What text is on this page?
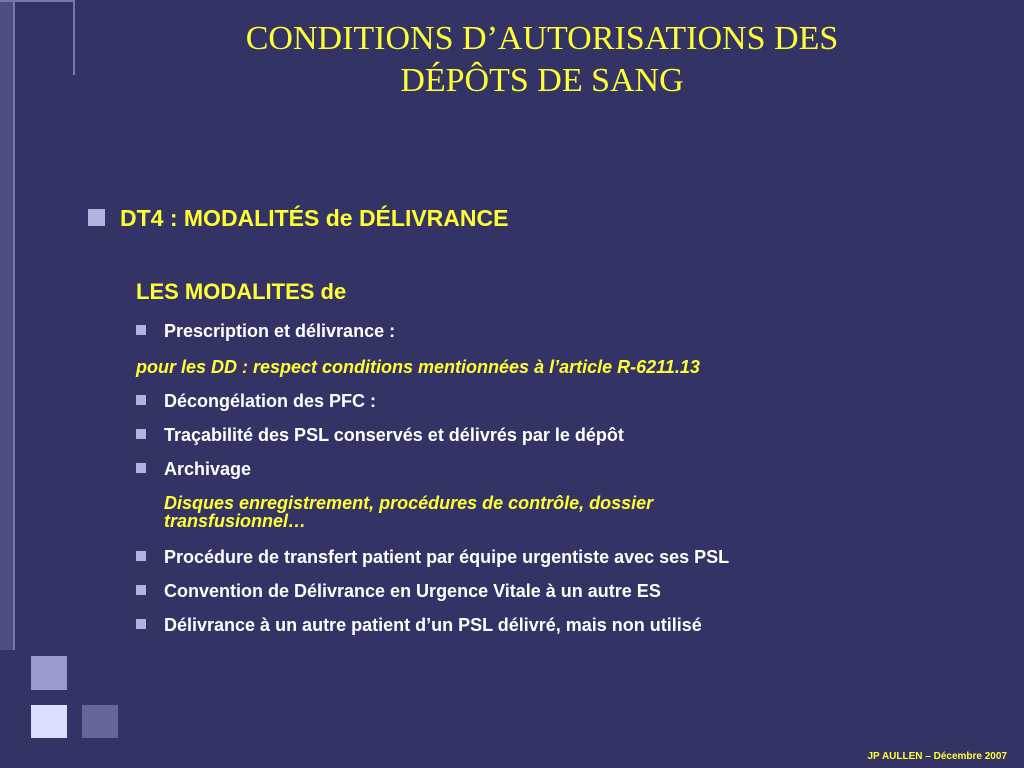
CONDITIONS D’AUTORISATIONS DES
DÉPÔTS DE SANG
DT4 : MODALITÉS de DÉLIVRANCE
LES MODALITES de
Prescription et délivrance :
pour les DD : respect conditions mentionnées à l’article R-6211.13
Décongélation des PFC :
Traçabilité des PSL conservés et délivrés par le dépôt
Archivage
Disques enregistrement, procédures de contrôle, dossier
transfusionnel…
Procédure de transfert patient par équipe urgentiste avec ses PSL
Convention de Délivrance en Urgence Vitale à un autre ES
Délivrance à un autre patient d’un PSL délivré, mais non utilisé
JP AULLEN – Décembre 2007
